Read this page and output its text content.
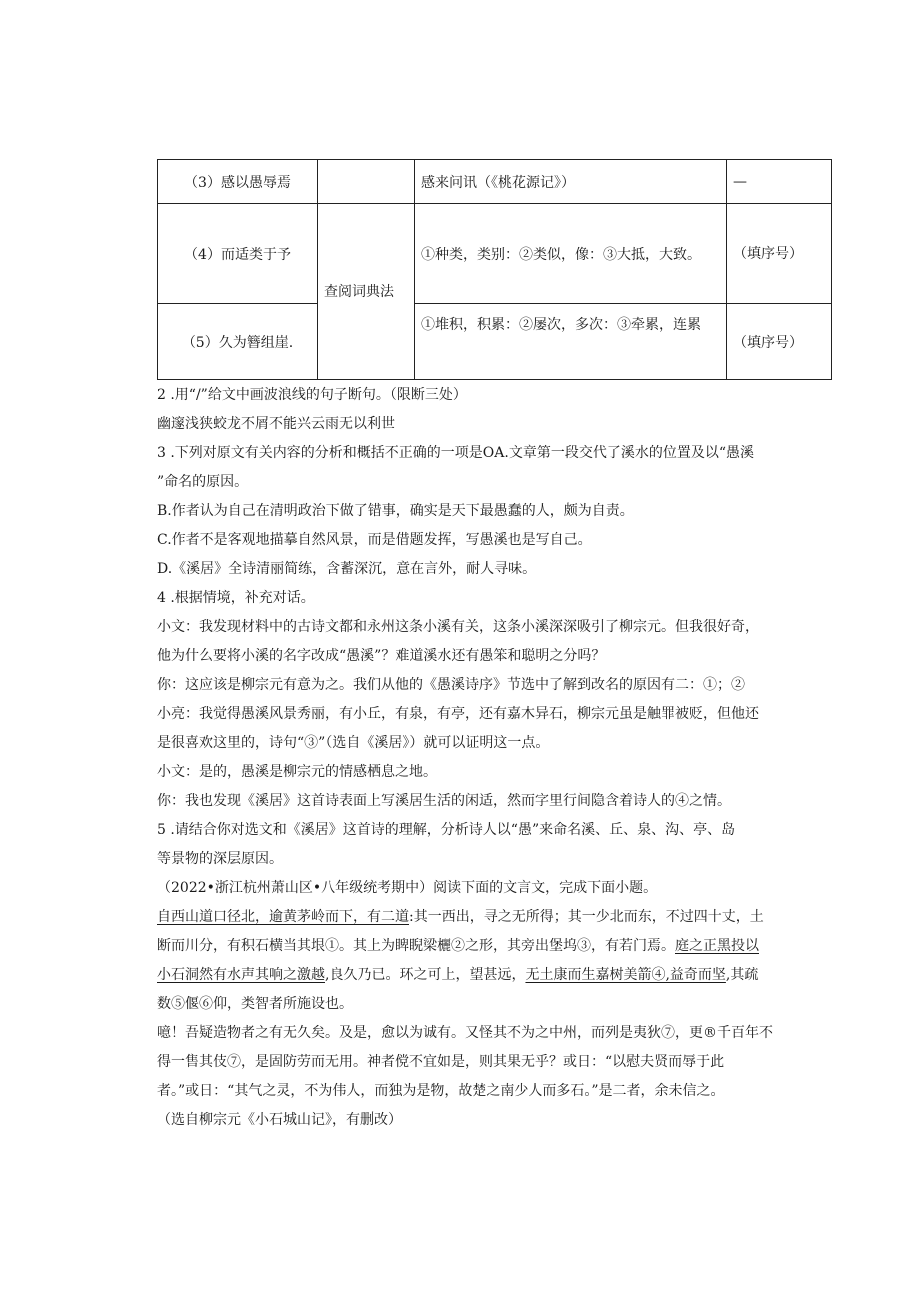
（3）感以愚辱焉		感来问讯（《桃花源记》）	—
（4）而适类于予	查阅词典法	①种类，类别：②类似，像：③大抵，大致。	（填序号）
（5）久为簪组崖.		①堆积，积累：②屡次，多次：③牵累，连累	（填序号）
2 .用“/”给文中画波浪线的句子断句。（限断三处）
幽邃浅狭蛟龙不屑不能兴云雨无以利世
3 .下列对原文有关内容的分析和概括不正确的一项是OA.文章第一段交代了溪水的位置及以“愚溪
”命名的原因。
B.作者认为自己在清明政治下做了错事，确实是天下最愚蠢的人，颇为自责。
C.作者不是客观地描摹自然风景，而是借题发挥，写愚溪也是写自己。
D.《溪居》全诗清丽简练，含蓄深沉，意在言外，耐人寻味。
4 .根据情境，补充对话。
小文：我发现材料中的古诗文都和永州这条小溪有关，这条小溪深深吸引了柳宗元。但我很好奇，
他为什么要将小溪的名字改成“愚溪”？难道溪水还有愚笨和聪明之分吗？
你：这应该是柳宗元有意为之。我们从他的《愚溪诗序》节选中了解到改名的原因有二：①；②
小亮：我觉得愚溪风景秀丽，有小丘，有泉，有亭，还有嘉木异石，柳宗元虽是触罪被贬，但他还
是很喜欢这里的，诗句“③”（选自《溪居》）就可以证明这一点。
小文：是的，愚溪是柳宗元的情感栖息之地。
你：我也发现《溪居》这首诗表面上写溪居生活的闲适，然而字里行间隐含着诗人的④之情。
5 .请结合你对选文和《溪居》这首诗的理解，分析诗人以“愚”来命名溪、丘、泉、沟、亭、岛
等景物的深层原因。
（2022•浙江杭州萧山区•八年级统考期中）阅读下面的文言文，完成下面小题。
自西山道口径北，逾黄茅岭而下，有二道:其一西出，寻之无所得；其一少北而东，不过四十丈，土
断而川分，有积石横当其垠①。其上为睥睨梁欐②之形，其旁出堡坞③，有若门焉。庭之正黑投以
小石洞然有水声其响之激越,良久乃已。环之可上，望甚远，无土康而生嘉树美箭④,益奇而坚,其疏
数⑤偃⑥仰，类智者所施设也。
噫！吾疑造物者之有无久矣。及是，愈以为诚有。又怪其不为之中州，而列是夷狄⑦，更®千百年不
得一售其伎⑦，是固防劳而无用。神者傥不宜如是，则其果无乎？或日：“以慰夫贤而辱于此
者。”或日：“其气之灵，不为伟人，而独为是物，故楚之南少人而多石。”是二者，余未信之。
（选自柳宗元《小石城山记》，有删改）
